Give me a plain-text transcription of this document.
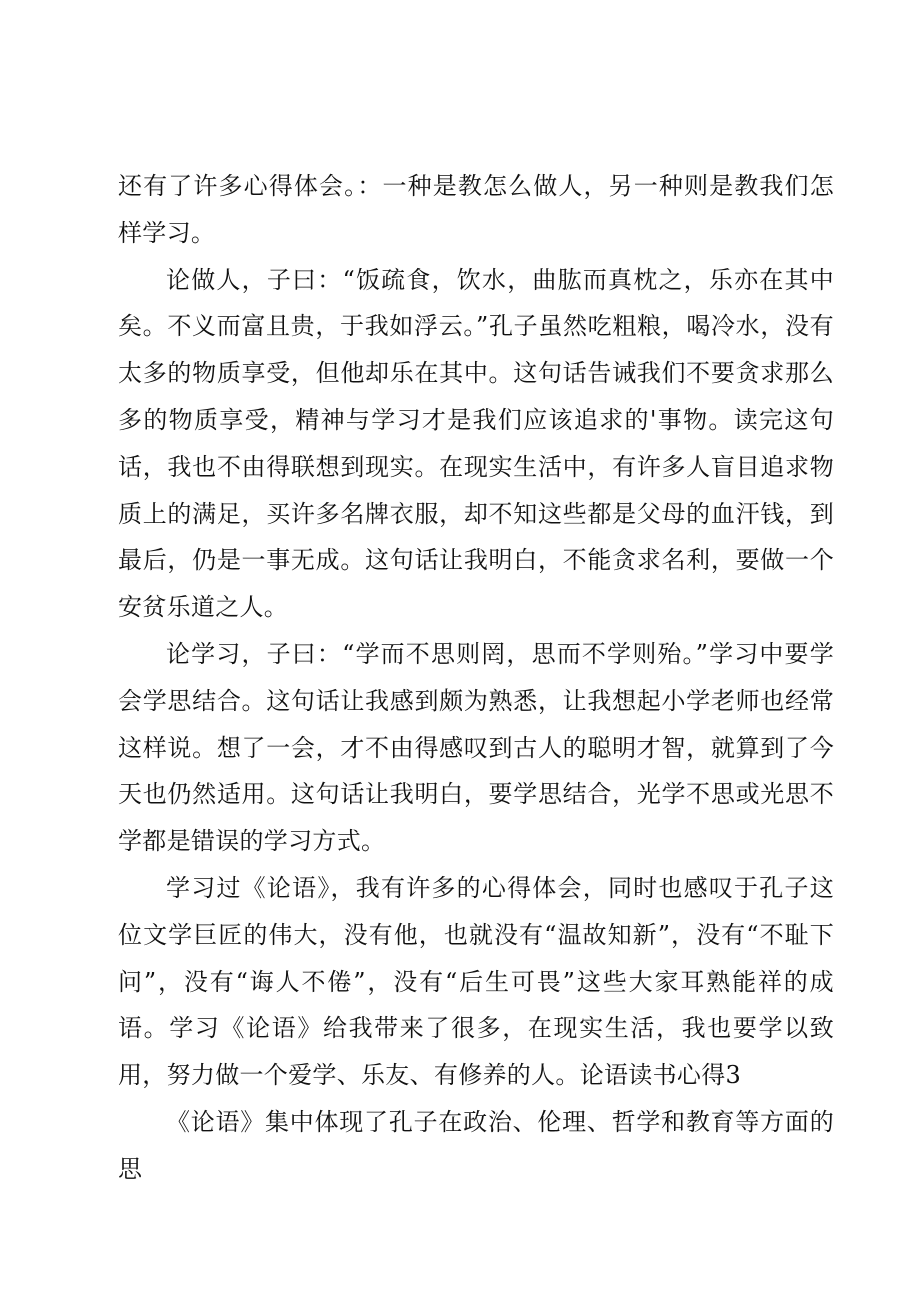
还有了许多心得体会。：一种是教怎么做人，另一种则是教我们怎样学习。

论做人，子曰：“饭疏食，饮水，曲肱而真枕之，乐亦在其中矣。不义而富且贵，于我如浮云。”孔子虽然吃粗粮，喝冷水，没有太多的物质享受，但他却乐在其中。这句话告诫我们不要贪求那么多的物质享受，精神与学习才是我们应该追求的'事物。读完这句话，我也不由得联想到现实。在现实生活中，有许多人盲目追求物质上的满足，买许多名牌衣服，却不知这些都是父母的血汗钱，到最后，仍是一事无成。这句话让我明白，不能贪求名利，要做一个安贫乐道之人。

论学习，子曰：“学而不思则罔，思而不学则殆。”学习中要学会学思结合。这句话让我感到颇为熟悉，让我想起小学老师也经常这样说。想了一会，才不由得感叹到古人的聪明才智，就算到了今天也仍然适用。这句话让我明白，要学思结合，光学不思或光思不学都是错误的学习方式。

学习过《论语》，我有许多的心得体会，同时也感叹于孔子这位文学巨匠的伟大，没有他，也就没有“温故知新”，没有“不耻下问”，没有“诲人不倦”，没有“后生可畏”这些大家耳熟能祥的成语。学习《论语》给我带来了很多，在现实生活，我也要学以致用，努力做一个爱学、乐友、有修养的人。论语读书心得3

《论语》集中体现了孔子在政治、伦理、哲学和教育等方面的思
